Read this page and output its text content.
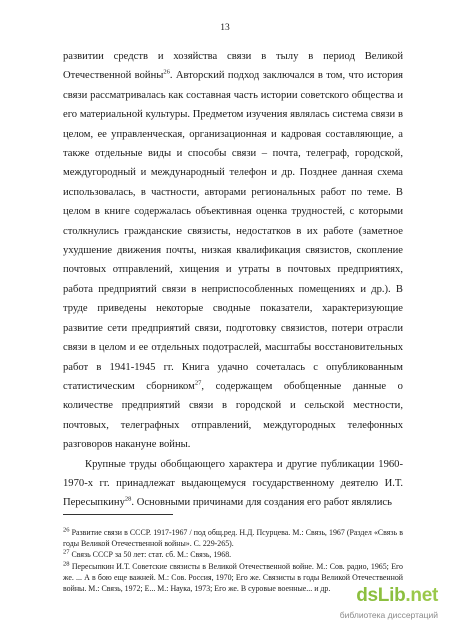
13

развитии средств и хозяйства связи в тылу в период Великой Отечественной войны$^{26}$. Авторский подход заключался в том, что история связи рассматривалась как составная часть истории советского общества и его материальной культуры. Предметом изучения являлась система связи в целом, ее управленческая, организационная и кадровая составляющие, а также отдельные виды и способы связи – почта, телеграф, городской, междугородный и международный телефон и др. Позднее данная схема использовалась, в частности, авторами региональных работ по теме. В целом в книге содержалась объективная оценка трудностей, с которыми столкнулись гражданские связисты, недостатков в их работе (заметное ухудшение движения почты, низкая квалификация связистов, скопление почтовых отправлений, хищения и утраты в почтовых предприятиях, работа предприятий связи в неприспособленных помещениях и др.). В труде приведены некоторые сводные показатели, характеризующие развитие сети предприятий связи, подготовку связистов, потери отрасли связи в целом и ее отдельных подотраслей, масштабы восстановительных работ в 1941-1945 гг. Книга удачно сочеталась с опубликованным статистическим сборником$^{27}$, содержащем обобщенные данные о количестве предприятий связи в городской и сельской местности, почтовых, телеграфных отправлений, междугородных телефонных разговоров накануне войны.

Крупные труды обобщающего характера и другие публикации 1960-1970-х гг. принадлежат выдающемуся государственному деятелю И.Т. Пересыпкину$^{28}$. Основными причинами для создания его работ являлись

$^{26}$ Развитие связи в СССР. 1917-1967 / под общ.ред. Н.Д. Псурцева. М.: Связь, 1967 (Раздел «Связь в годы Великой Отечественной войны». С. 229-265).

$^{27}$ Связь СССР за 50 лет: стат. сб. М.: Связь, 1968.

$^{28}$ Пересыпкин И.Т. Советские связисты в Великой Отечественной войне. М.: Сов. радио, 1965; Его же. ... А в бою еще важней. М.: Сов. Россия, 1970; Его же. Связисты в годы Великой Отечественной войны. М.: Связь, 1972; Е... М.: Наука, 1973; Его же. В суровые военные... и др.	dsLib.net
библиотека диссертаций
